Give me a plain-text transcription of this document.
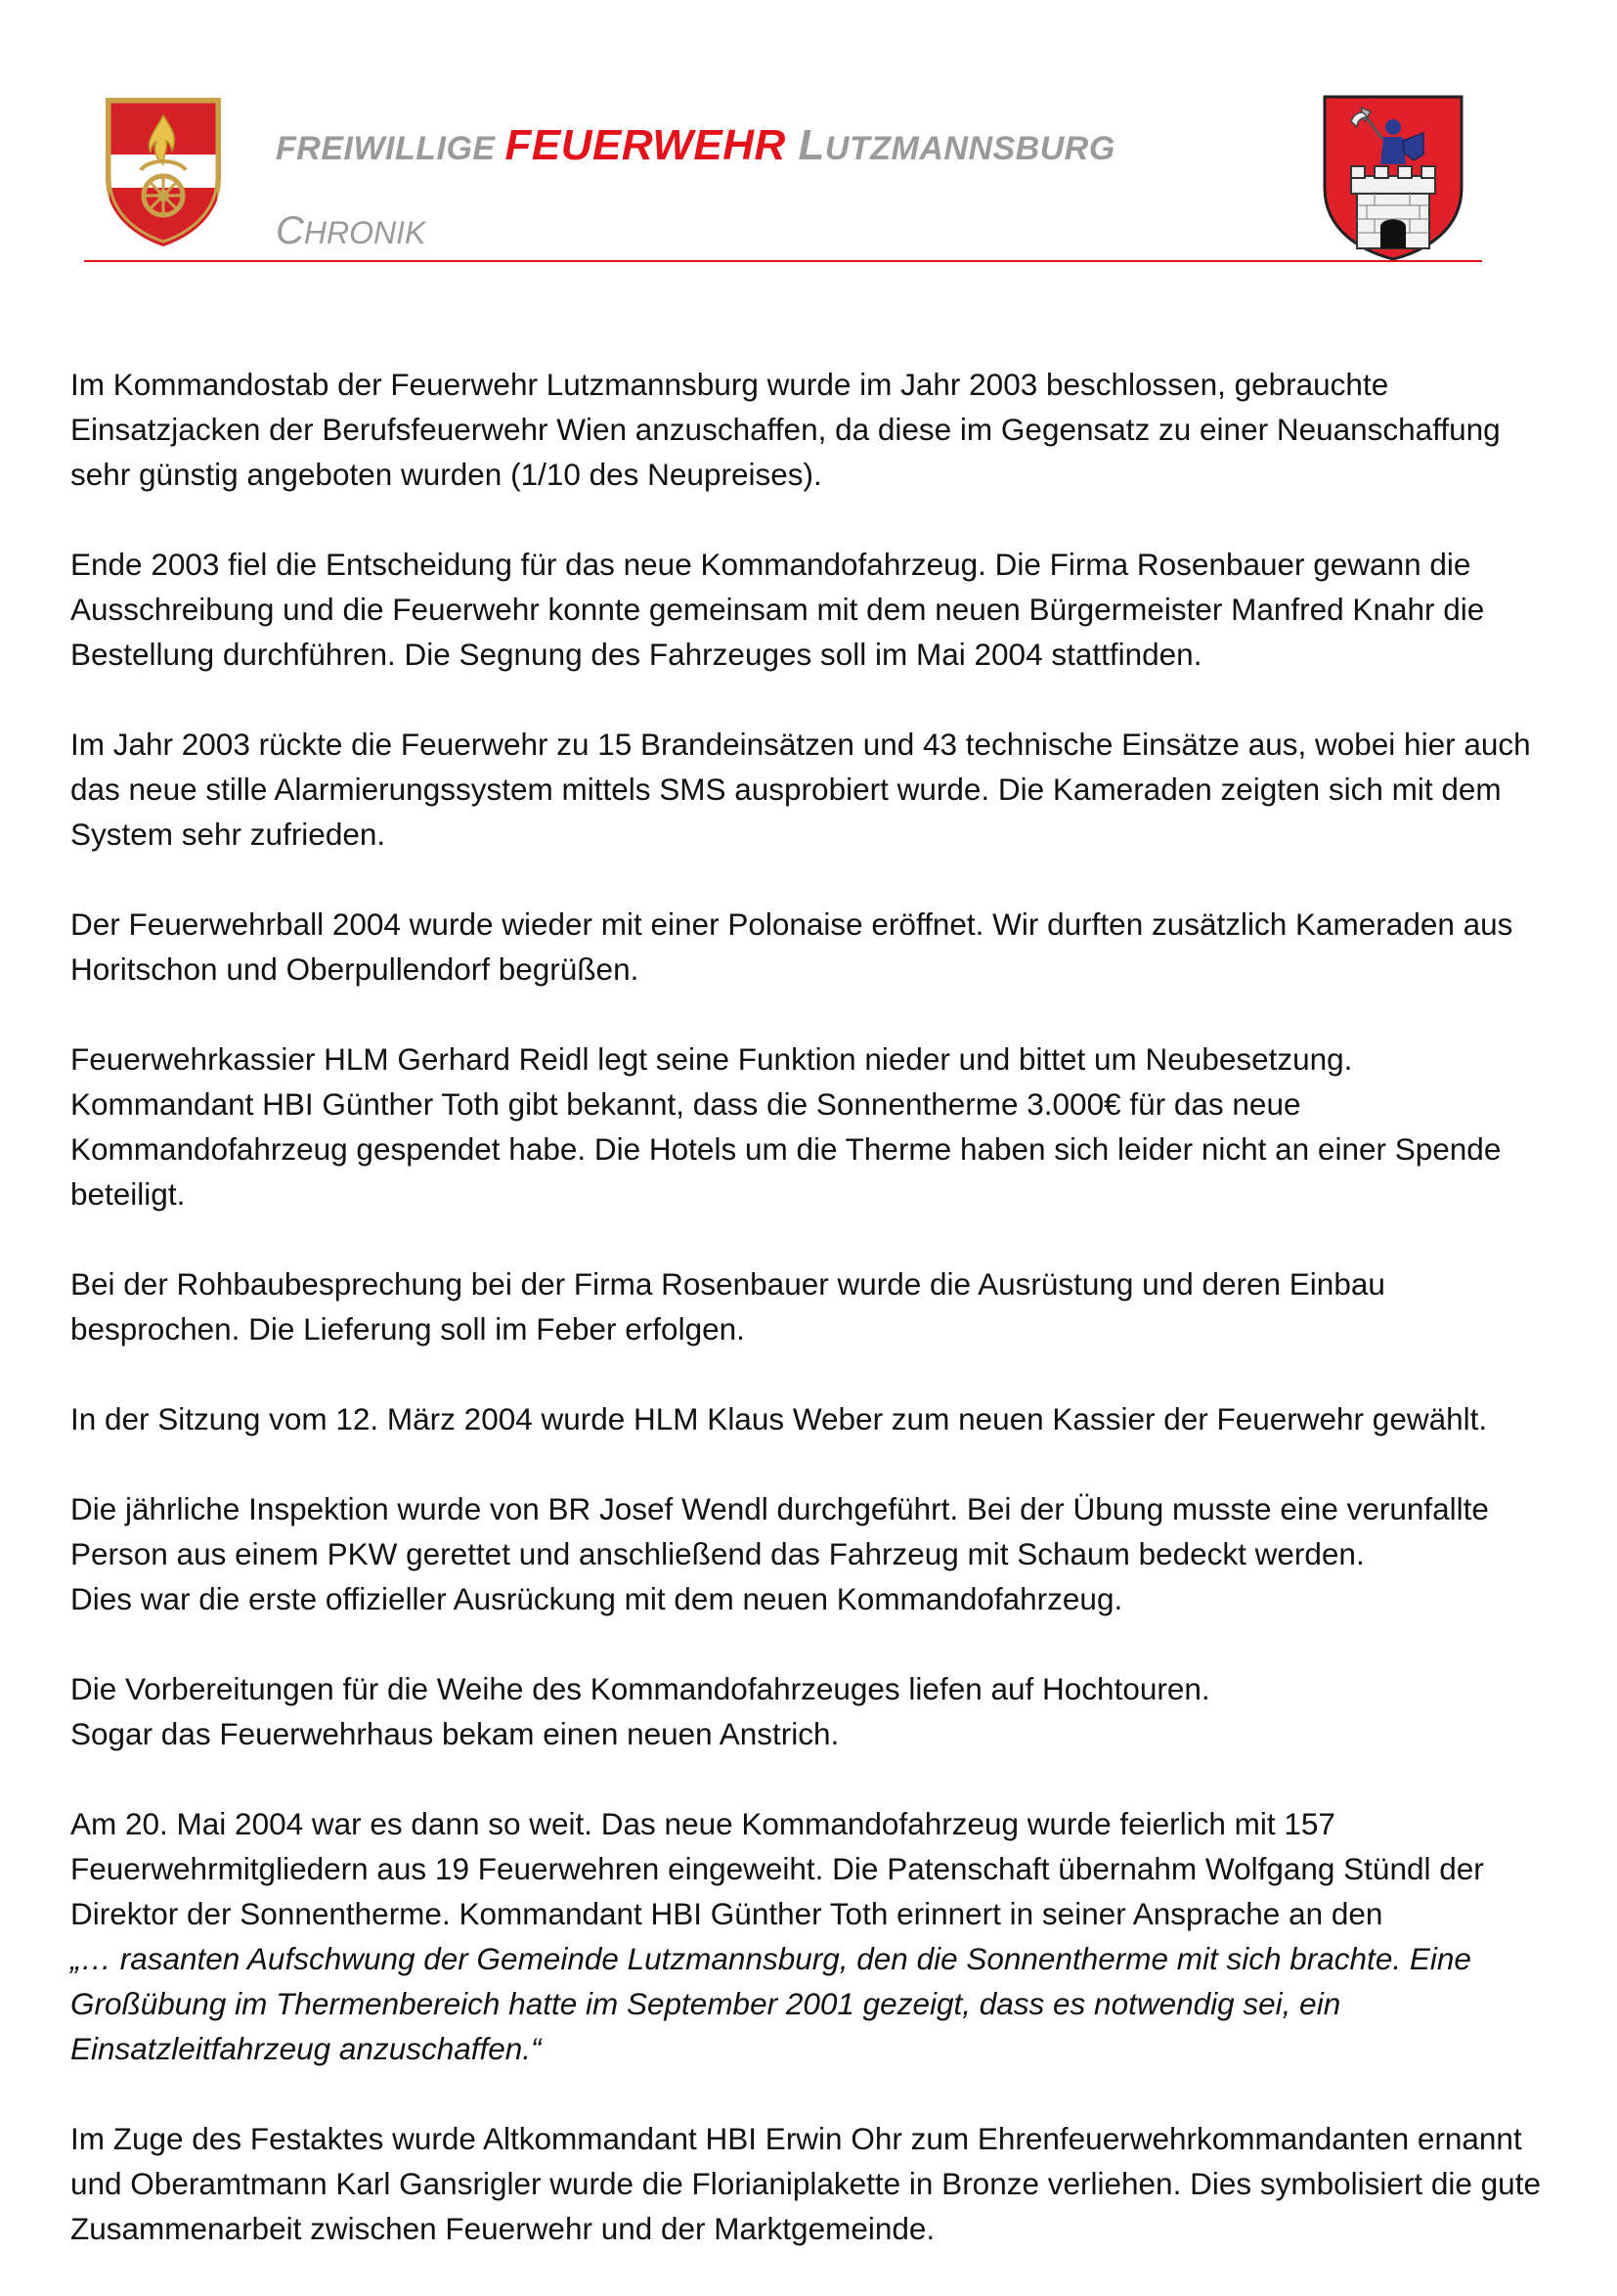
FREIWILLIGE FEUERWEHR LUTZMANNSBURG
CHRONIK

Im Kommandostab der Feuerwehr Lutzmannsburg wurde im Jahr 2003 beschlossen, gebrauchte Einsatzjacken der Berufsfeuerwehr Wien anzuschaffen, da diese im Gegensatz zu einer Neuanschaffung sehr günstig angeboten wurden (1/10 des Neupreises).

Ende 2003 fiel die Entscheidung für das neue Kommandofahrzeug. Die Firma Rosenbauer gewann die Ausschreibung und die Feuerwehr konnte gemeinsam mit dem neuen Bürgermeister Manfred Knahr die Bestellung durchführen. Die Segnung des Fahrzeuges soll im Mai 2004 stattfinden.

Im Jahr 2003 rückte die Feuerwehr zu 15 Brandeinsätzen und 43 technische Einsätze aus, wobei hier auch das neue stille Alarmierungssystem mittels SMS ausprobiert wurde. Die Kameraden zeigten sich mit dem System sehr zufrieden.

Der Feuerwehrball 2004 wurde wieder mit einer Polonaise eröffnet. Wir durften zusätzlich Kameraden aus Horitschon und Oberpullendorf begrüßen.

Feuerwehrkassier HLM Gerhard Reidl legt seine Funktion nieder und bittet um Neubesetzung.
Kommandant HBI Günther Toth gibt bekannt, dass die Sonnentherme 3.000€ für das neue Kommandofahrzeug gespendet habe. Die Hotels um die Therme haben sich leider nicht an einer Spende beteiligt.

Bei der Rohbaubesprechung bei der Firma Rosenbauer wurde die Ausrüstung und deren Einbau besprochen. Die Lieferung soll im Feber erfolgen.

In der Sitzung vom 12. März 2004 wurde HLM Klaus Weber zum neuen Kassier der Feuerwehr gewählt.

Die jährliche Inspektion wurde von BR Josef Wendl durchgeführt. Bei der Übung musste eine verunfallte Person aus einem PKW gerettet und anschließend das Fahrzeug mit Schaum bedeckt werden.
Dies war die erste offizieller Ausrückung mit dem neuen Kommandofahrzeug.

Die Vorbereitungen für die Weihe des Kommandofahrzeuges liefen auf Hochtouren.
Sogar das Feuerwehrhaus bekam einen neuen Anstrich.

Am 20. Mai 2004 war es dann so weit. Das neue Kommandofahrzeug wurde feierlich mit 157 Feuerwehrmitgliedern aus 19 Feuerwehren eingeweiht. Die Patenschaft übernahm Wolfgang Stündl der Direktor der Sonnentherme. Kommandant HBI Günther Toth erinnert in seiner Ansprache an den
„… rasanten Aufschwung der Gemeinde Lutzmannsburg, den die Sonnentherme mit sich brachte. Eine Großübung im Thermenbereich hatte im September 2001 gezeigt, dass es notwendig sei, ein Einsatzleitfahrzeug anzuschaffen.“

Im Zuge des Festaktes wurde Altkommandant HBI Erwin Ohr zum Ehrenfeuerwehrkommandanten ernannt und Oberamtmann Karl Gansrigler wurde die Florianiplakette in Bronze verliehen. Dies symbolisiert die gute Zusammenarbeit zwischen Feuerwehr und der Marktgemeinde.
